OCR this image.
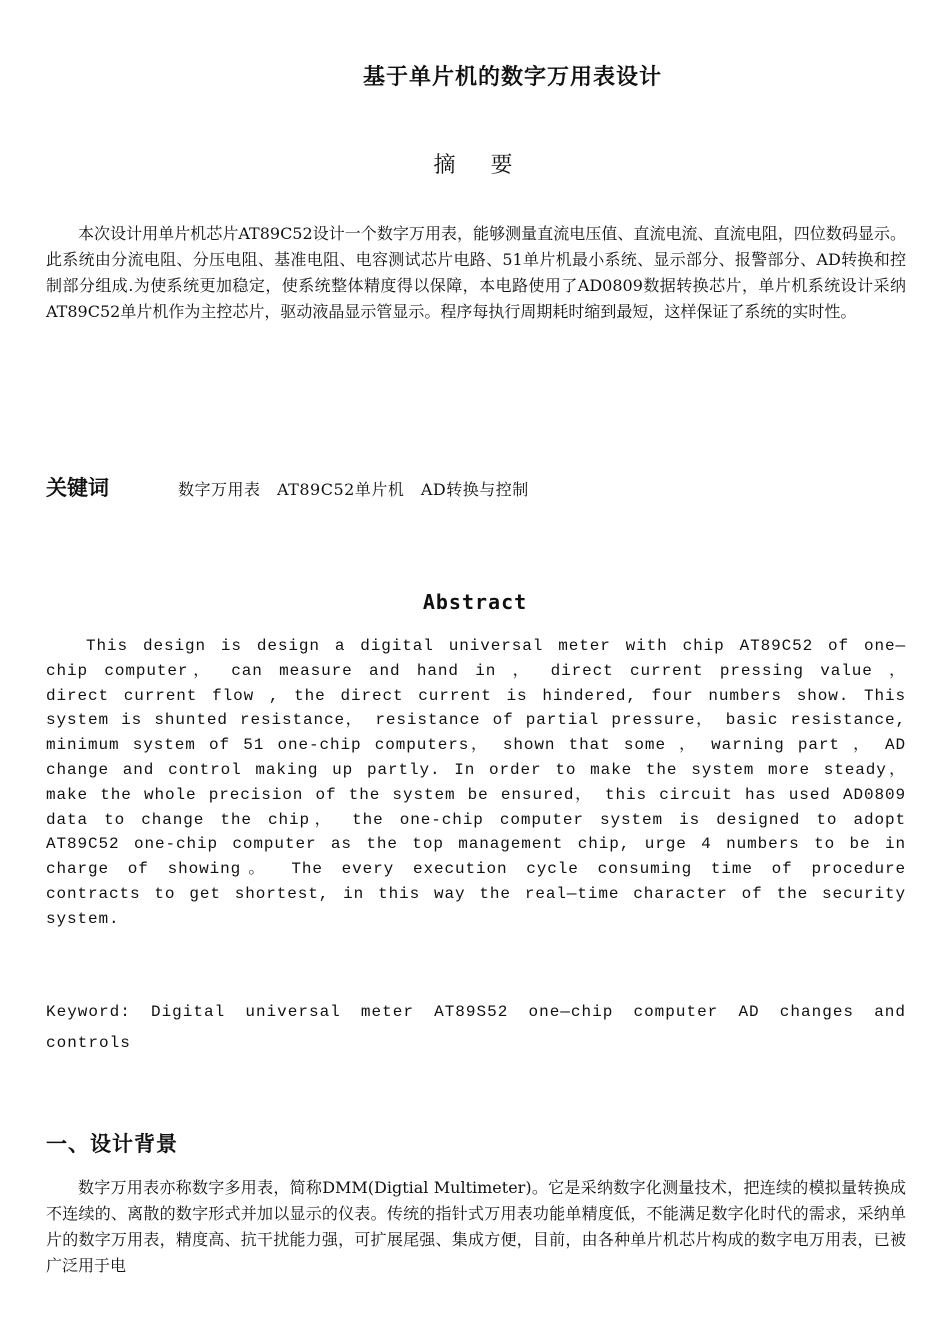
基于单片机的数字万用表设计
摘 要

本次设计用单片机芯片AT89C52设计一个数字万用表，能够测量直流电压值、直流电流、直流电阻，四位数码显示。此系统由分流电阻、分压电阻、基准电阻、电容测试芯片电路、51单片机最小系统、显示部分、报警部分、AD转换和控制部分组成.为使系统更加稳定，使系统整体精度得以保障，本电路使用了AD0809数据转换芯片，单片机系统设计采纳AT89C52单片机作为主控芯片，驱动液晶显示管显示。程序每执行周期耗时缩到最短，这样保证了系统的实时性。

关键词	数字万用表　AT89C52单片机　AD转换与控制
Abstract

This design is design a digital universal meter with chip AT89C52 of one—chip computer， can measure and hand in ， direct current pressing value ， direct current flow , the direct current is hindered, four numbers show. This system is shunted resistance， resistance of partial pressure， basic resistance, minimum system of 51 one-chip computers， shown that some ， warning part ， AD change and control making up partly. In order to make the system more steady， make the whole precision of the system be ensured， this circuit has used AD0809 data to change the chip， the one-chip computer system is designed to adopt AT89C52 one-chip computer as the top management chip, urge 4 numbers to be in charge of showing。 The every execution cycle consuming time of procedure contracts to get shortest, in this way the real—time character of the security system.

Keyword: Digital universal meter AT89S52 one—chip computer AD changes and controls

一、设计背景

数字万用表亦称数字多用表，简称DMM(Digtial Multimeter)。它是采纳数字化测量技术，把连续的模拟量转换成不连续的、离散的数字形式并加以显示的仪表。传统的指针式万用表功能单精度低，不能满足数字化时代的需求，采纳单片的数字万用表，精度高、抗干扰能力强，可扩展尾强、集成方便，目前，由各种单片机芯片构成的数字电万用表，已被广泛用于电
